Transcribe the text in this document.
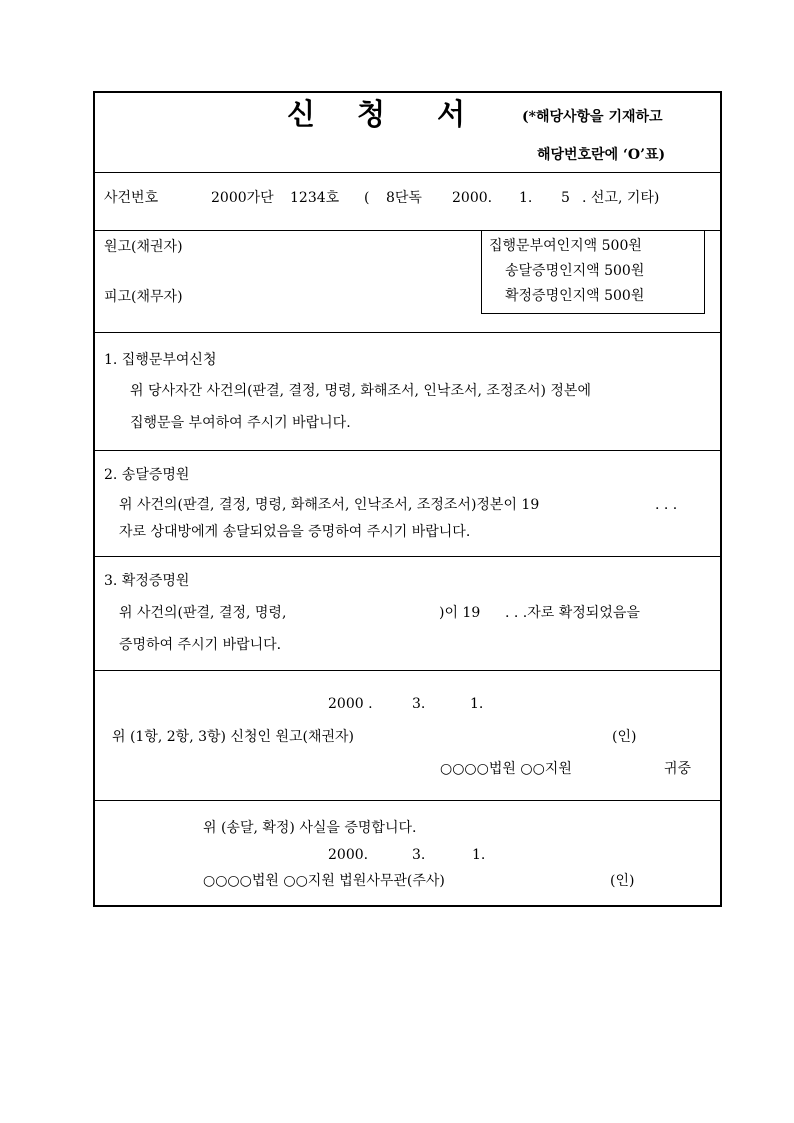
신 청 서	(*해당사항을 기재하고
해당번호란에 ‘O’표)
사건번호	2000가단 1234호 ( 8단독 2000. 1. 5 . 선고, 기타)
원고(채권자)
피고(채무자)
집행문부여인지액 500원
송달증명인지액 500원
확정증명인지액 500원
1. 집행문부여신청
위 당사자간 사건의(판결, 결정, 명령, 화해조서, 인낙조서, 조정조서) 정본에
집행문을 부여하여 주시기 바랍니다.
2. 송달증명원
위 사건의(판결, 결정, 명령, 화해조서, 인낙조서, 조정조서)정본이 19	. . .
자로 상대방에게 송달되었음을 증명하여 주시기 바랍니다.
3. 확정증명원
위 사건의(판결, 결정, 명령,	)이 19 . . .자로 확정되었음을
증명하여 주시기 바랍니다.
2000 .	3.	1.
위 (1항, 2항, 3항) 신청인 원고(채권자)	(인)
○○○○법원 ○○지원	귀중
위 (송달, 확정) 사실을 증명합니다.
2000.	3.	1.
○○○○법원 ○○지원 법원사무관(주사)	(인)
